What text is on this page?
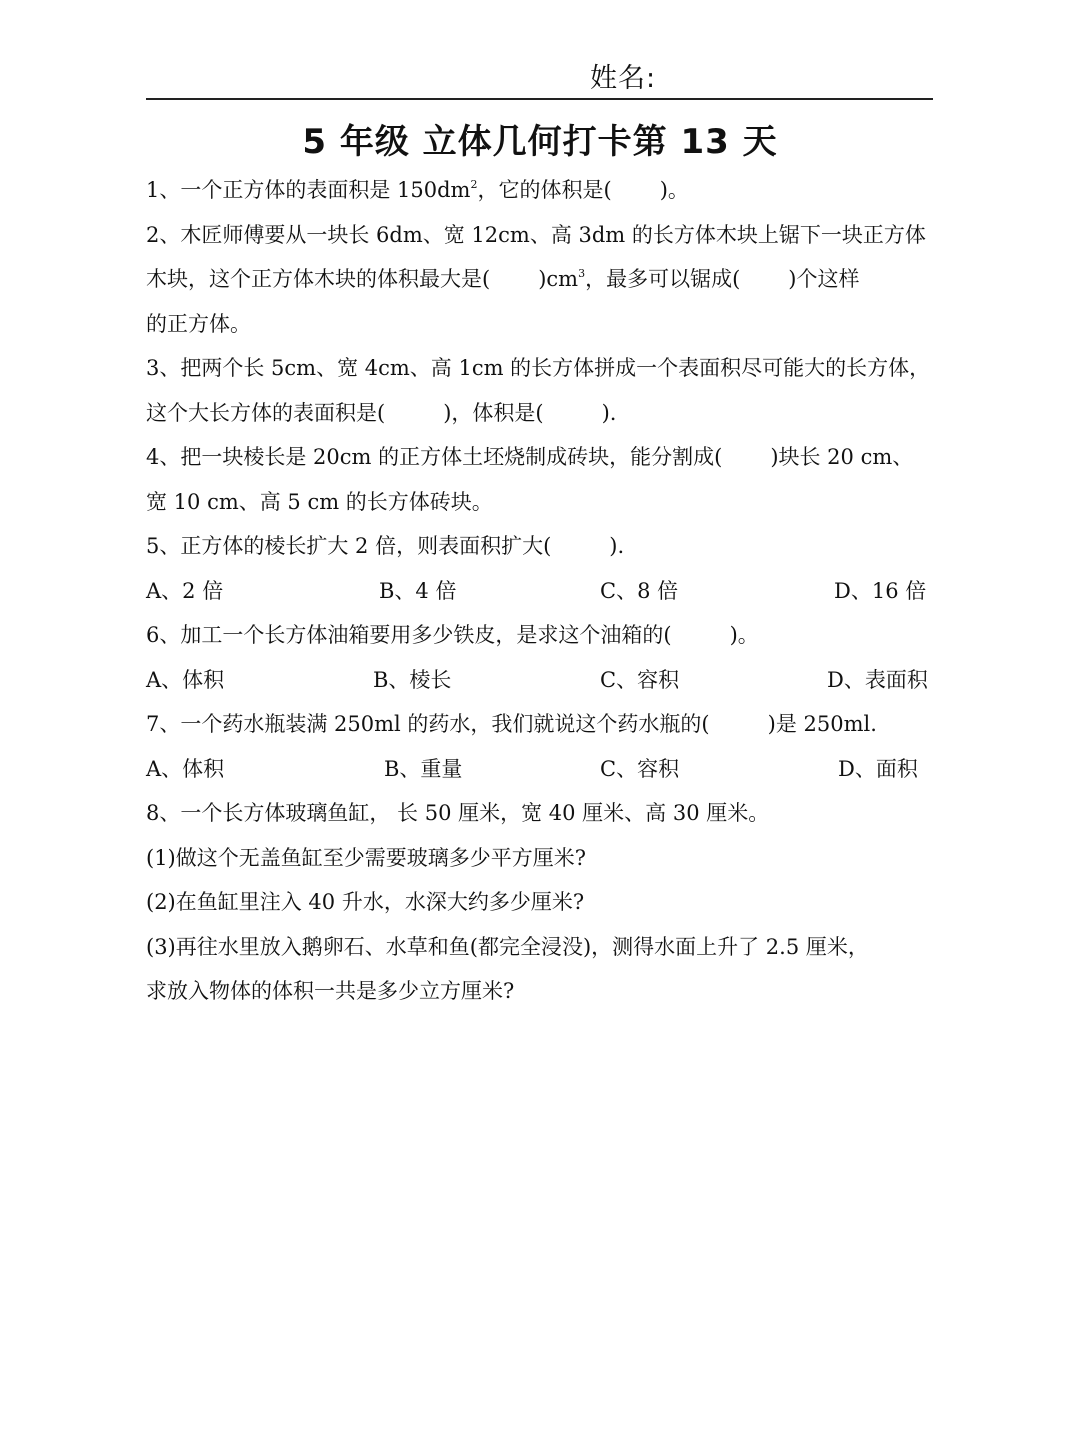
姓名:
5 年级 立体几何打卡第 13 天
1、一个正方体的表面积是 $150dm^2$，它的体积是( )。
2、木匠师傅要从一块长 6dm、宽 12cm、高 3dm 的长方体木块上锯下一块正方体
木块，这个正方体木块的体积最大是( )$cm^3$，最多可以锯成( )个这样
的正方体。
3、把两个长 5cm、宽 4cm、高 1cm 的长方体拼成一个表面积尽可能大的长方体，
这个大长方体的表面积是(	)，体积是(	).
4、把一块棱长是 20cm 的正方体土坯烧制成砖块，能分割成( )块长 20 cm、
宽 10 cm、高 5 cm 的长方体砖块。
5、正方体的棱长扩大 2 倍，则表面积扩大(	).
A、2 倍	B、4 倍	C、8 倍	D、16 倍
6、加工一个长方体油箱要用多少铁皮，是求这个油箱的(	)。
A、体积	B、棱长	C、容积	D、表面积
7、一个药水瓶装满 250ml 的药水，我们就说这个药水瓶的(	)是 250ml.
A、体积	B、重量	C、容积	D、面积
8、一个长方体玻璃鱼缸， 长 50 厘米，宽 40 厘米、高 30 厘米。
(1)做这个无盖鱼缸至少需要玻璃多少平方厘米?
(2)在鱼缸里注入 40 升水，水深大约多少厘米?
(3)再往水里放入鹅卵石、水草和鱼(都完全浸没)，测得水面上升了 2.5 厘米，
求放入物体的体积一共是多少立方厘米?
